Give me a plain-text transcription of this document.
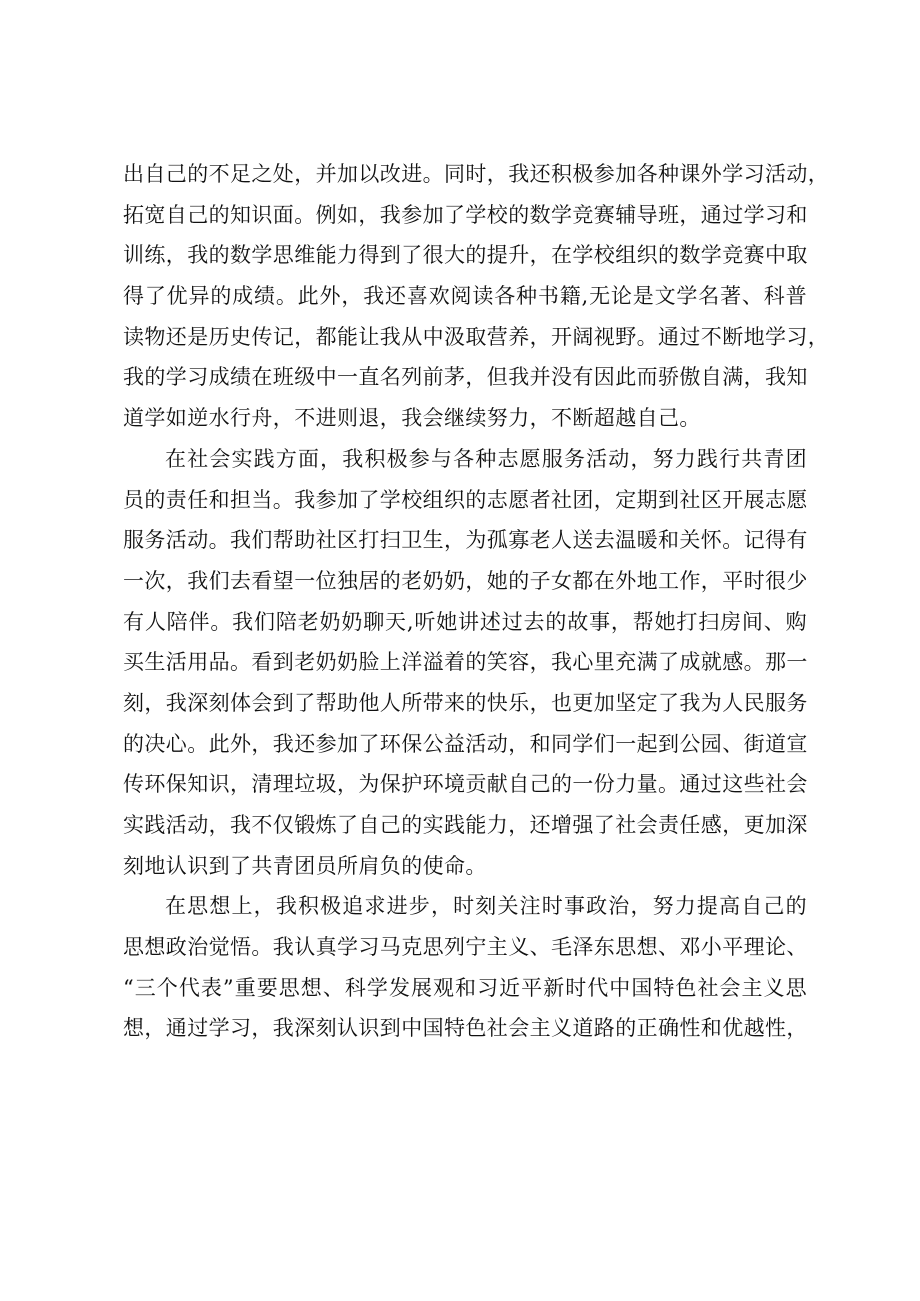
出自己的不足之处，并加以改进。同时，我还积极参加各种课外学习活动，
拓宽自己的知识面。例如，我参加了学校的数学竞赛辅导班，通过学习和
训练，我的数学思维能力得到了很大的提升，在学校组织的数学竞赛中取
得了优异的成绩。此外，我还喜欢阅读各种书籍,无论是文学名著、科普
读物还是历史传记，都能让我从中汲取营养，开阔视野。通过不断地学习，
我的学习成绩在班级中一直名列前茅，但我并没有因此而骄傲自满，我知
道学如逆水行舟，不进则退，我会继续努力，不断超越自己。
在社会实践方面，我积极参与各种志愿服务活动，努力践行共青团
员的责任和担当。我参加了学校组织的志愿者社团，定期到社区开展志愿
服务活动。我们帮助社区打扫卫生，为孤寡老人送去温暖和关怀。记得有
一次，我们去看望一位独居的老奶奶，她的子女都在外地工作，平时很少
有人陪伴。我们陪老奶奶聊天,听她讲述过去的故事，帮她打扫房间、购
买生活用品。看到老奶奶脸上洋溢着的笑容，我心里充满了成就感。那一
刻，我深刻体会到了帮助他人所带来的快乐，也更加坚定了我为人民服务
的决心。此外，我还参加了环保公益活动，和同学们一起到公园、街道宣
传环保知识，清理垃圾，为保护环境贡献自己的一份力量。通过这些社会
实践活动，我不仅锻炼了自己的实践能力，还增强了社会责任感，更加深
刻地认识到了共青团员所肩负的使命。
在思想上，我积极追求进步，时刻关注时事政治，努力提高自己的
思想政治觉悟。我认真学习马克思列宁主义、毛泽东思想、邓小平理论、
“三个代表”重要思想、科学发展观和习近平新时代中国特色社会主义思
想，通过学习，我深刻认识到中国特色社会主义道路的正确性和优越性，
